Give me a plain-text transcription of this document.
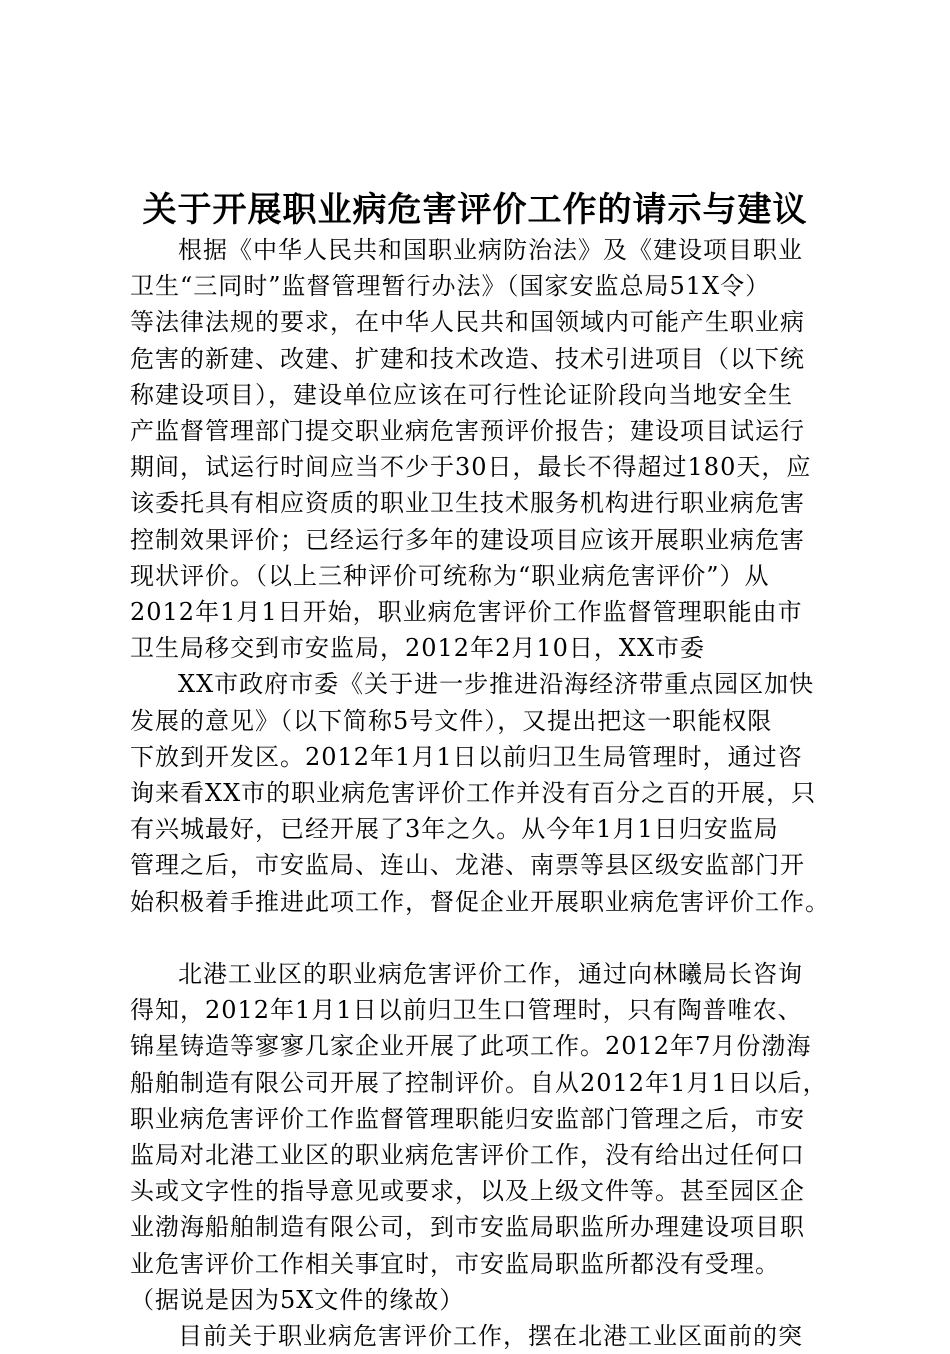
关于开展职业病危害评价工作的请示与建议
根据《中华人民共和国职业病防治法》及《建设项目职业
卫生“三同时”监督管理暂行办法》（国家安监总局51X令）
等法律法规的要求，在中华人民共和国领域内可能产生职业病
危害的新建、改建、扩建和技术改造、技术引进项目（以下统
称建设项目），建设单位应该在可行性论证阶段向当地安全生
产监督管理部门提交职业病危害预评价报告；建设项目试运行
期间，试运行时间应当不少于30日，最长不得超过180天，应
该委托具有相应资质的职业卫生技术服务机构进行职业病危害
控制效果评价；已经运行多年的建设项目应该开展职业病危害
现状评价。（以上三种评价可统称为“职业病危害评价”）从
2012年1月1日开始，职业病危害评价工作监督管理职能由市
卫生局移交到市安监局，2012年2月10日，XX市委
XX市政府市委《关于进一步推进沿海经济带重点园区加快
发展的意见》（以下简称5号文件），又提出把这一职能权限
下放到开发区。2012年1月1日以前归卫生局管理时，通过咨
询来看XX市的职业病危害评价工作并没有百分之百的开展，只
有兴城最好，已经开展了3年之久。从今年1月1日归安监局
管理之后，市安监局、连山、龙港、南票等县区级安监部门开
始积极着手推进此项工作，督促企业开展职业病危害评价工作。
北港工业区的职业病危害评价工作，通过向林曦局长咨询
得知，2012年1月1日以前归卫生口管理时，只有陶普唯农、
锦星铸造等寥寥几家企业开展了此项工作。2012年7月份渤海
船舶制造有限公司开展了控制评价。自从2012年1月1日以后，
职业病危害评价工作监督管理职能归安监部门管理之后，市安
监局对北港工业区的职业病危害评价工作，没有给出过任何口
头或文字性的指导意见或要求，以及上级文件等。甚至园区企
业渤海船舶制造有限公司，到市安监局职监所办理建设项目职
业危害评价工作相关事宜时，市安监局职监所都没有受理。
（据说是因为5X文件的缘故）
目前关于职业病危害评价工作，摆在北港工业区面前的突
